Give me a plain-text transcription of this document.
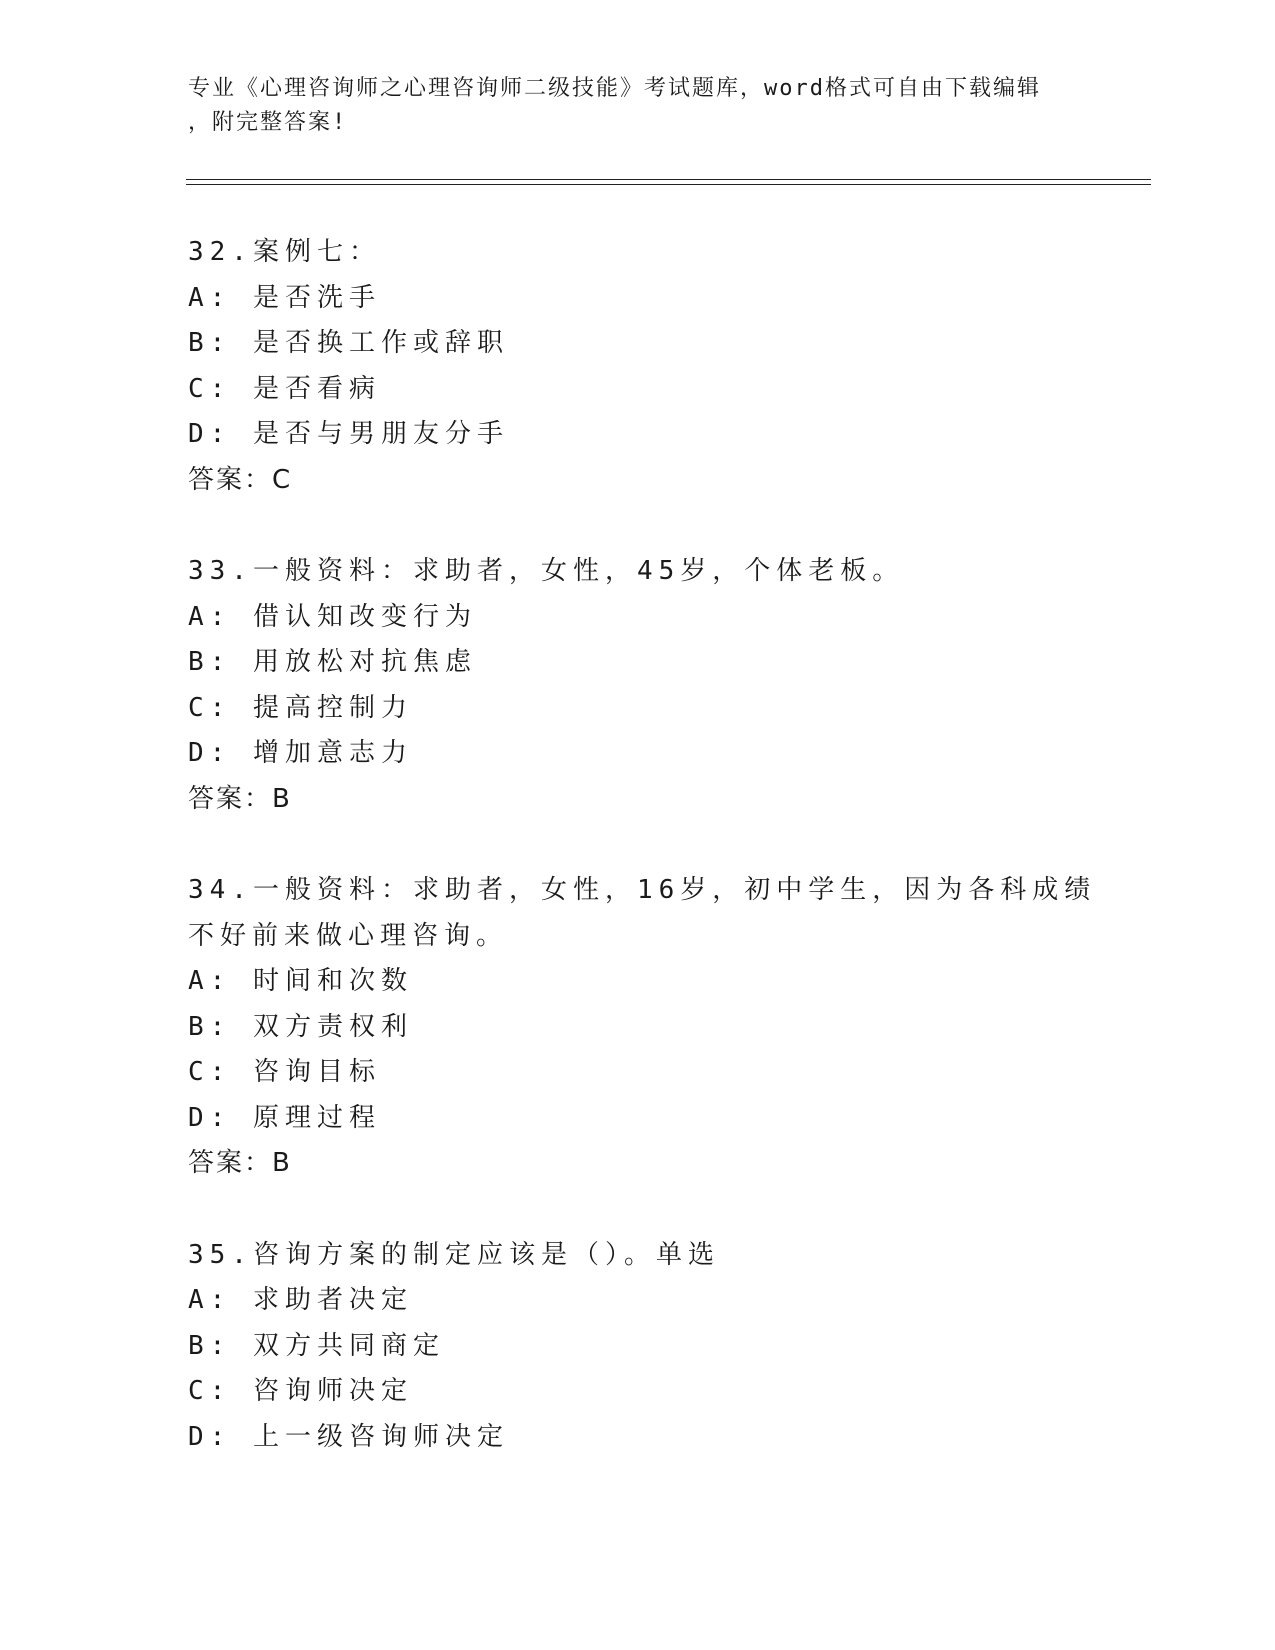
专业《心理咨询师之心理咨询师二级技能》考试题库，word格式可自由下载编辑
，附完整答案!
32.案例七：
A: 是否洗手
B: 是否换工作或辞职
C: 是否看病
D: 是否与男朋友分手
答案：C
33.一般资料：求助者，女性，45岁，个体老板。
A: 借认知改变行为
B: 用放松对抗焦虑
C: 提高控制力
D: 增加意志力
答案：B
34.一般资料：求助者，女性，16岁，初中学生，因为各科成绩不好前来做心理咨询。
A: 时间和次数
B: 双方责权利
C: 咨询目标
D: 原理过程
答案：B
35.咨询方案的制定应该是（）。单选
A: 求助者决定
B: 双方共同商定
C: 咨询师决定
D: 上一级咨询师决定
